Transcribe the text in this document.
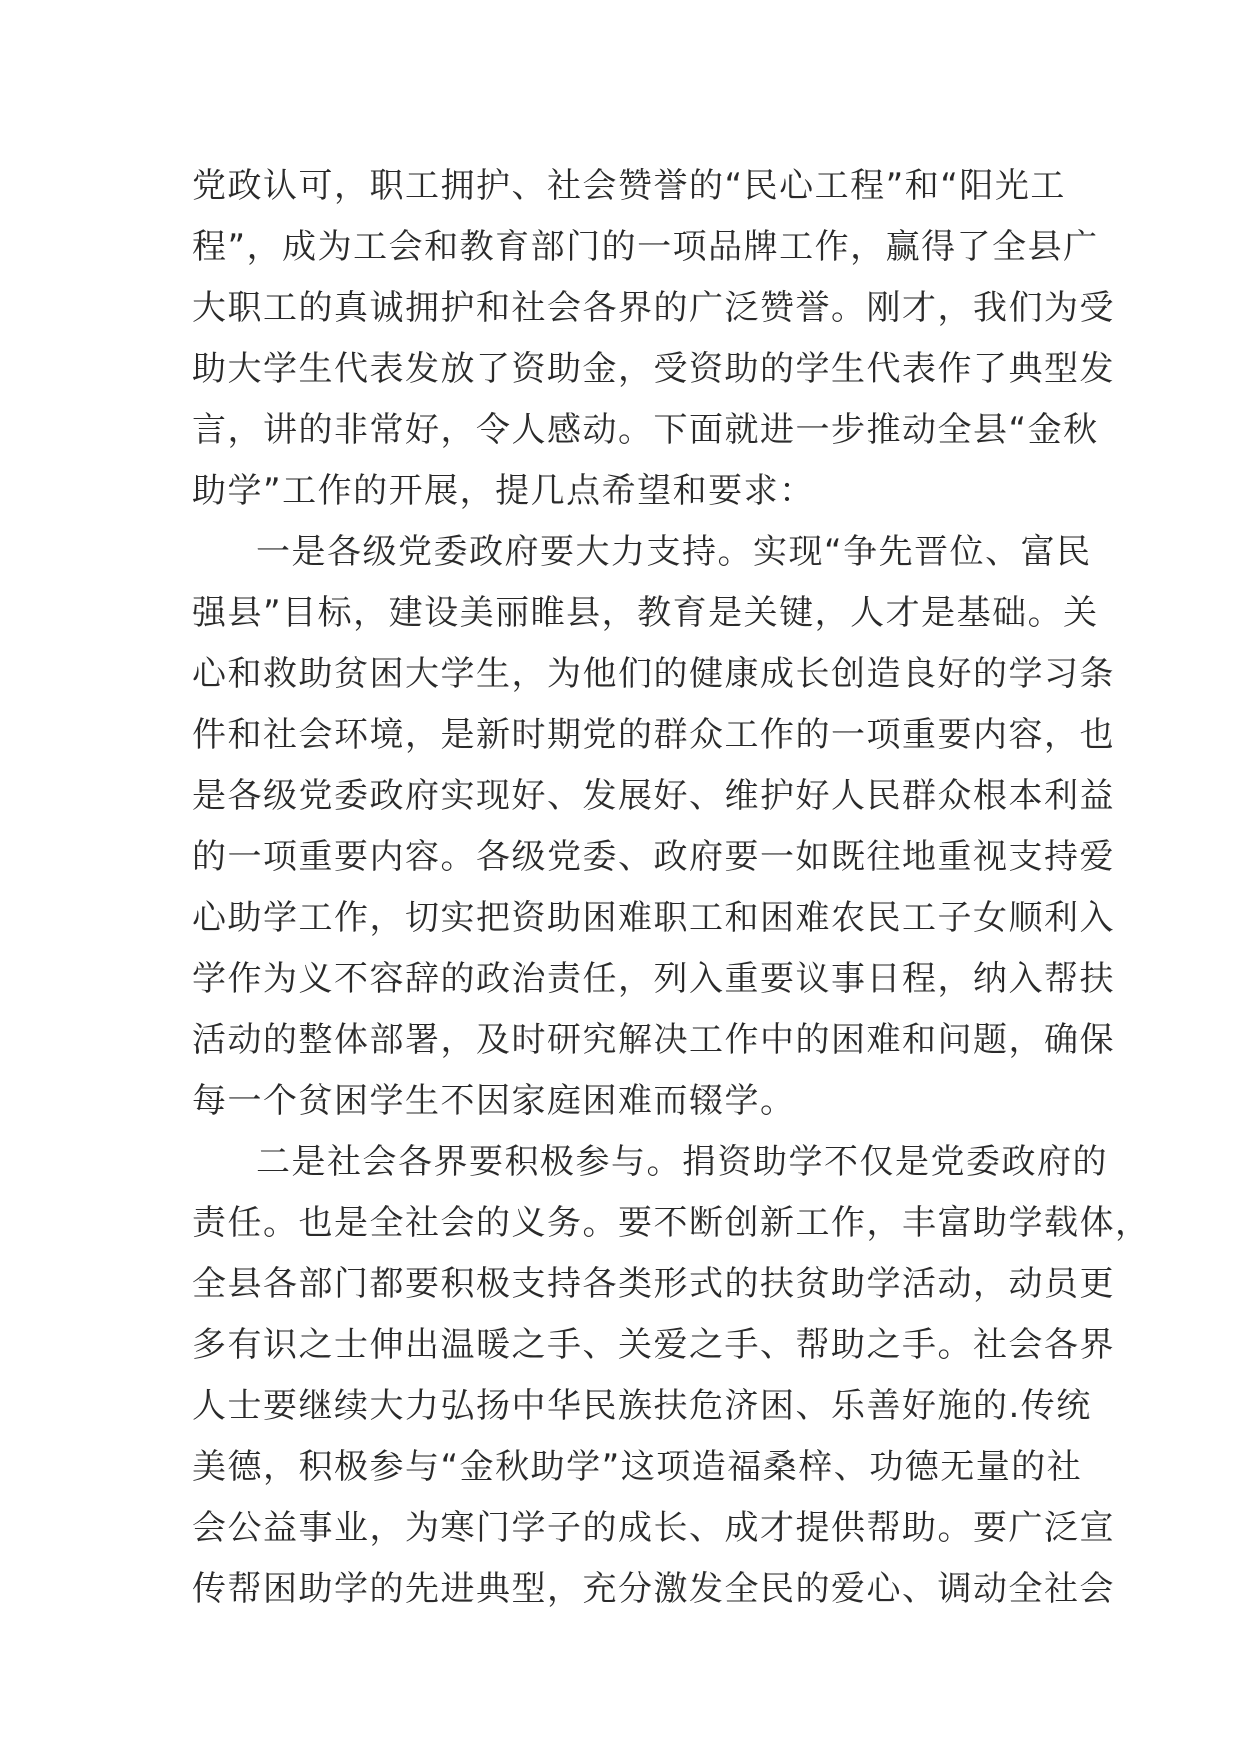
党政认可，职工拥护、社会赞誉的“民心工程”和“阳光工
程”，成为工会和教育部门的一项品牌工作，赢得了全县广
大职工的真诚拥护和社会各界的广泛赞誉。刚才，我们为受
助大学生代表发放了资助金，受资助的学生代表作了典型发
言，讲的非常好，令人感动。下面就进一步推动全县“金秋
助学”工作的开展，提几点希望和要求：
一是各级党委政府要大力支持。实现“争先晋位、富民
强县”目标，建设美丽睢县，教育是关键，人才是基础。关
心和救助贫困大学生，为他们的健康成长创造良好的学习条
件和社会环境，是新时期党的群众工作的一项重要内容，也
是各级党委政府实现好、发展好、维护好人民群众根本利益
的一项重要内容。各级党委、政府要一如既往地重视支持爱
心助学工作，切实把资助困难职工和困难农民工子女顺利入
学作为义不容辞的政治责任，列入重要议事日程，纳入帮扶
活动的整体部署，及时研究解决工作中的困难和问题，确保
每一个贫困学生不因家庭困难而辍学。
二是社会各界要积极参与。捐资助学不仅是党委政府的
责任。也是全社会的义务。要不断创新工作，丰富助学载体，
全县各部门都要积极支持各类形式的扶贫助学活动，动员更
多有识之士伸出温暖之手、关爱之手、帮助之手。社会各界
人士要继续大力弘扬中华民族扶危济困、乐善好施的.传统
美德，积极参与“金秋助学”这项造福桑梓、功德无量的社
会公益事业，为寒门学子的成长、成才提供帮助。要广泛宣
传帮困助学的先进典型，充分激发全民的爱心、调动全社会
